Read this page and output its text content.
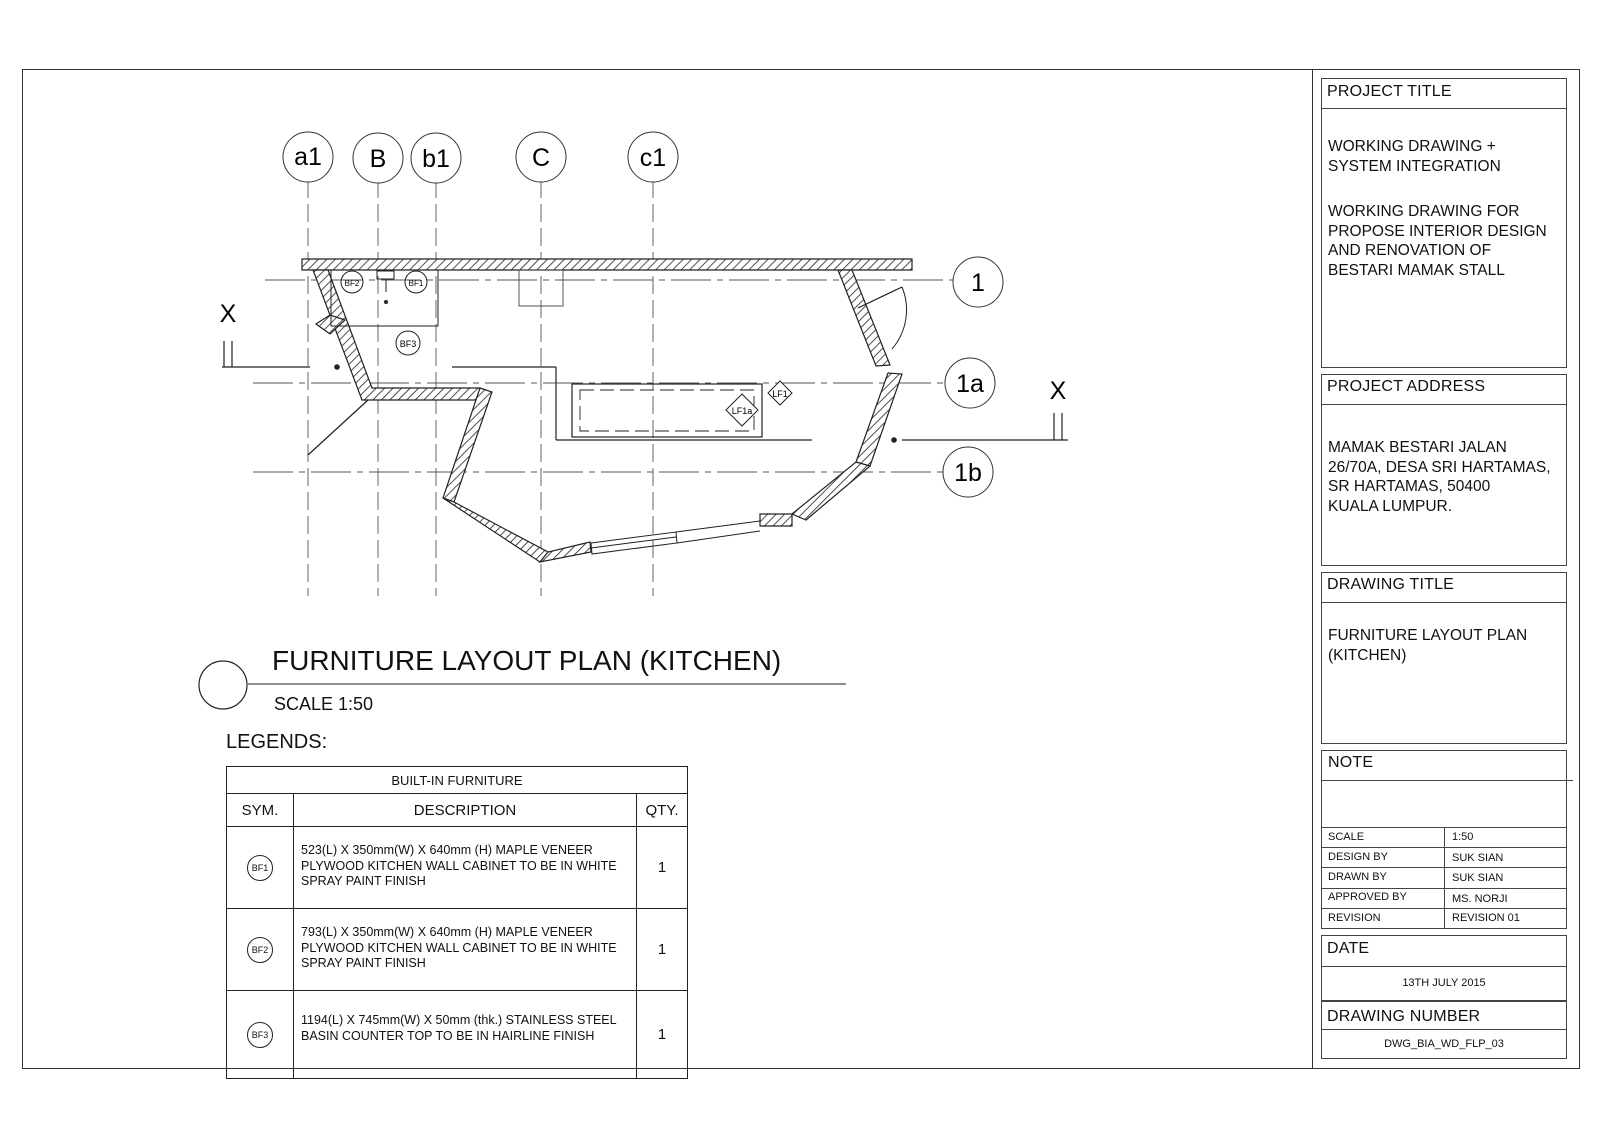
a1 B b1	C	c1
1
1a
1b
BF2	BF1
BF3
LF1a
LF1
X
X
FURNITURE LAYOUT PLAN (KITCHEN)
SCALE 1:50
LEGENDS:
BUILT-IN FURNITURE		
SYM.	DESCRIPTION	QTY.
BF1	523(L) X 350mm(W) X 640mm (H) MAPLE VENEER
PLYWOOD KITCHEN WALL CABINET TO BE IN WHITE
SPRAY PAINT FINISH	1
BF2	793(L) X 350mm(W) X 640mm (H) MAPLE VENEER
PLYWOOD KITCHEN WALL CABINET TO BE IN WHITE
SPRAY PAINT FINISH	1
BF3	1194(L) X 745mm(W) X 50mm (thk.) STAINLESS STEEL
BASIN COUNTER TOP TO BE IN HAIRLINE FINISH	1
PROJECT TITLE
WORKING DRAWING +
SYSTEM INTEGRATION
WORKING DRAWING FOR
PROPOSE INTERIOR DESIGN
AND RENOVATION OF
BESTARI MAMAK STALL
PROJECT ADDRESS
MAMAK BESTARI JALAN
26/70A, DESA SRI HARTAMAS,
SR HARTAMAS, 50400
KUALA LUMPUR.
DRAWING TITLE
FURNITURE LAYOUT PLAN
(KITCHEN)
NOTE
SCALE	1:50
DESIGN BY	SUK SIAN
DRAWN BY	SUK SIAN
APPROVED BY	MS. NORJI
REVISION	REVISION 01
DATE
13TH JULY 2015
DRAWING NUMBER
DWG_BIA_WD_FLP_03
